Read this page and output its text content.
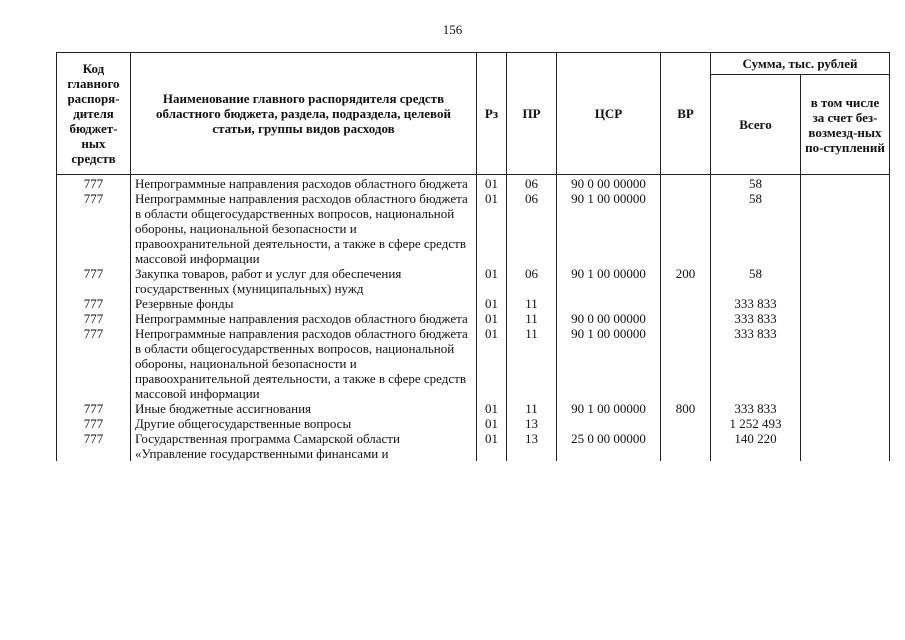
156
Код главного распоря-дителя бюджет-ных средств	Наименование главного распорядителя средств областного бюджета, раздела, подраздела, целевой статьи, группы видов расходов	Рз	ПР	ЦСР	ВР	Сумма, тыс. рублей	
						Всего	в том числе за счет без-возмезд-ных по-ступлений
777	Непрограммные направления расходов областного бюджета	01	06	90 0 00 00000		58	
777	Непрограммные направления расходов областного бюджета в области общегосударственных вопросов, национальной обороны, национальной безопасности и правоохранительной деятельности, а также в сфере средств массовой информации	01	06	90 1 00 00000		58	
777	Закупка товаров, работ и услуг для обеспечения государственных (муниципальных) нужд	01	06	90 1 00 00000	200	58	
777	Резервные фонды	01	11			333 833	
777	Непрограммные направления расходов областного бюджета	01	11	90 0 00 00000		333 833	
777	Непрограммные направления расходов областного бюджета в области общегосударственных вопросов, национальной обороны, национальной безопасности и правоохранительной деятельности, а также в сфере средств массовой информации	01	11	90 1 00 00000		333 833	
777	Иные бюджетные ассигнования	01	11	90 1 00 00000	800	333 833	
777	Другие общегосударственные вопросы	01	13			1 252 493	
777	Государственная программа Самарской области «Управление государственными финансами и	01	13	25 0 00 00000		140 220	
